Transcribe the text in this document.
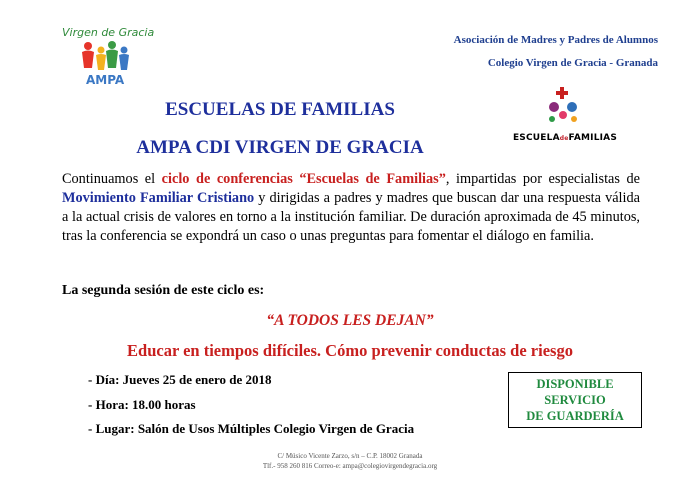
Virgen de Gracia
AMPA
Asociación de Madres y Padres de Alumnos
Colegio Virgen de Gracia - Granada
ESCUELAS DE FAMILIAS
AMPA CDI VIRGEN DE GRACIA	ESCUELAdeFAMILIAS
Continuamos el ciclo de conferencias “Escuelas de Familias”, impartidas por especialistas de Movimiento Familiar Cristiano y dirigidas a padres y madres que buscan dar una respuesta válida a la actual crisis de valores en torno a la institución familiar. De duración aproximada de 45 minutos, tras la conferencia se expondrá un caso o unas preguntas para fomentar el diálogo en familia.
La segunda sesión de este ciclo es:
“A TODOS LES DEJAN”
Educar en tiempos difíciles. Cómo prevenir conductas de riesgo
- Día: Jueves 25 de enero de 2018
- Hora: 18.00 horas
- Lugar: Salón de Usos Múltiples Colegio Virgen de Gracia
DISPONIBLE
SERVICIO
DE GUARDERÍA
C/ Músico Vicente Zarzo, s/n – C.P. 18002 Granada
Tlf.- 958 260 816 Correo-e: ampa@colegiovirgendegracia.org
